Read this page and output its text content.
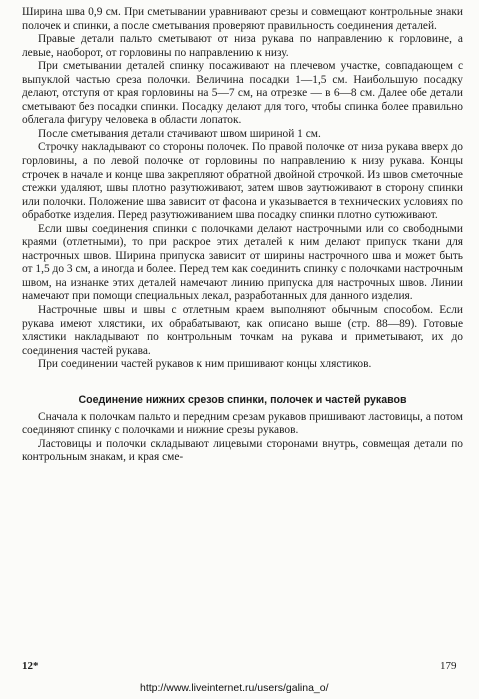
Ширина шва 0,9 см. При сметывании уравнивают срезы и совмещают контрольные знаки полочек и спинки, а после сметывания проверяют правильность соединения деталей.

Правые детали пальто сметывают от низа рукава по направлению к горловине, а левые, наоборот, от горловины по направлению к низу.

При сметывании деталей спинку посаживают на плечевом участке, совпадающем с выпуклой частью среза полочки. Величина посадки 1—1,5 см. Наибольшую посадку делают, отступя от края горловины на 5—7 см, на отрезке — в 6—8 см. Далее обе детали сметывают без посадки спинки. Посадку делают для того, чтобы спинка более правильно облегала фигуру человека в области лопаток.

После сметывания детали стачивают швом шириной 1 см.

Строчку накладывают со стороны полочек. По правой полочке от низа рукава вверх до горловины, а по левой полочке от горловины по направлению к низу рукава. Концы строчек в начале и конце шва закрепляют обратной двойной строчкой. Из швов сметочные стежки удаляют, швы плотно разутюживают, затем швов заутюживают в сторону спинки или полочки. Положение шва зависит от фасона и указывается в технических условиях по обработке изделия. Перед разутюживанием шва посадку спинки плотно сутюживают.

Если швы соединения спинки с полочками делают настрочными или со свободными краями (отлетными), то при раскрое этих деталей к ним делают припуск ткани для настрочных швов. Ширина припуска зависит от ширины настрочного шва и может быть от 1,5 до 3 см, а иногда и более. Перед тем как соединить спинку с полочками настрочным швом, на изнанке этих деталей намечают линию припуска для настрочных швов. Линии намечают при помощи специальных лекал, разработанных для данного изделия.

Настрочные швы и швы с отлетным краем выполняют обычным способом. Если рукава имеют хлястики, их обрабатывают, как описано выше (стр. 88—89). Готовые хлястики накладывают по контрольным точкам на рукава и приметывают, их до соединения частей рукава.

При соединении частей рукавов к ним пришивают концы хлястиков.

Соединение нижних срезов спинки, полочек и частей рукавов

Сначала к полочкам пальто и передним срезам рукавов пришивают ластовицы, а потом соединяют спинку с полочками и нижние срезы рукавов.

Ластовицы и полочки складывают лицевыми сторонами внутрь, совмещая детали по контрольным знакам, и края сме-

12*	179
http://www.liveinternet.ru/users/galina_o/
